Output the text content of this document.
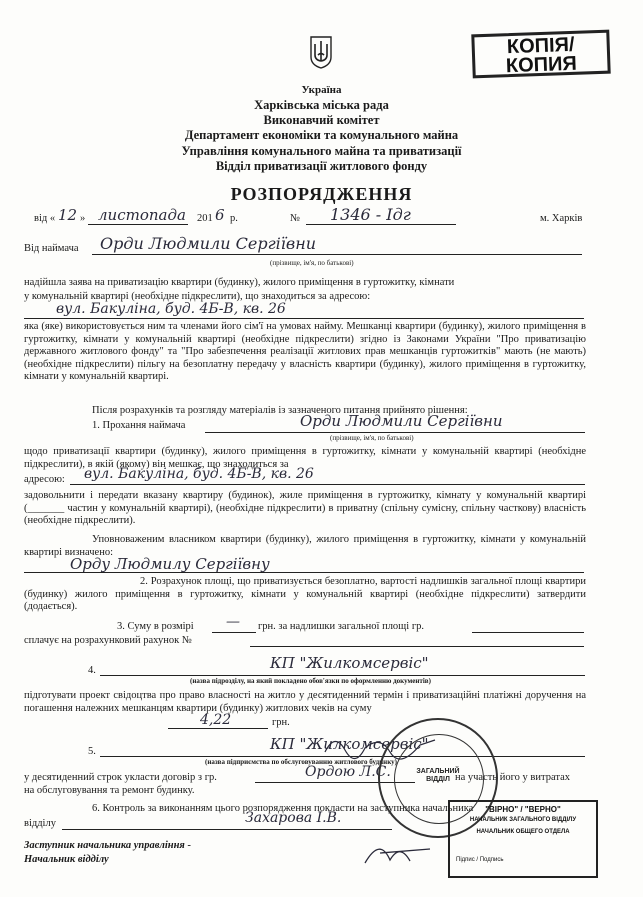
КОПІЯ/
КОПИЯ
Україна
Харківська міська рада
Виконавчий комітет
Департамент економіки та комунального майна
Управління комунального майна та приватизації
Відділ приватизації житлового фонду
РОЗПОРЯДЖЕННЯ
від « 12 » листопада 201 6 р.	№ 1346 - Ідг	м. Харків
Від наймача Орди Людмили Сергіївни
(прізвище, ім'я, по батькові)
надійшла заява на приватизацію квартири (будинку), жилого приміщення в гуртожитку, кімнати
у комунальній квартирі (необхідне підкреслити), що знаходиться за адресою:
вул. Бакуліна, буд. 4Б-В, кв. 26
яка (яке) використовується ним та членами його сім'ї на умовах найму. Мешканці квартири (будинку), жилого приміщення в гуртожитку, кімнати у комунальній квартирі (необхідне підкреслити) згідно із Законами України "Про приватизацію державного житлового фонду" та "Про забезпечення реалізації житлових прав мешканців гуртожитків" мають (не мають) (необхідне підкреслити) пільгу на безоплатну передачу у власність квартири (будинку), жилого приміщення в гуртожитку, кімнати у комунальній квартирі.
Після розрахунків та розгляду матеріалів із зазначеного питання прийнято рішення:
1. Прохання наймача	Орди Людмили Сергіївни
(прізвище, ім'я, по батькові)
щодо приватизації квартири (будинку), жилого приміщення в гуртожитку, кімнати у комунальній квартирі (необхідне підкреслити), в якій (якому) він мешкає, що знаходиться за
адресою: вул. Бакуліна, буд. 4Б-В, кв. 26
задовольнити і передати вказану квартиру (будинок), жиле приміщення в гуртожитку, кімнату у комунальній квартирі (_______ частин у комунальній квартирі), (необхідне підкреслити) в приватну (спільну сумісну, спільну часткову) власність (необхідне підкреслити).
Уповноваженим власником квартири (будинку), жилого приміщення в гуртожитку, кімнати у комунальній квартирі визначено:
Орду Людмилу Сергіївну
2. Розрахунок площі, що приватизується безоплатно, вартості надлишків загальної площі квартири (будинку) жилого приміщення в гуртожитку, кімнати у комунальній квартирі (необхідне підкреслити) затвердити (додається).
3. Суму в розмірі — грн. за надлишки загальної площі гр.
сплачує на розрахунковий рахунок №
4.	КП "Жилкомсервіс"
(назва підрозділу, на який покладено обов'язки по оформленню документів)
підготувати проект свідоцтва про право власності на житло у десятиденний термін і приватизаційні платіжні доручення на погашення належних мешканцям квартири (будинку) житлових чеків на суму
4,22	грн.
5.	КП "Жилкомсервіс"
(назва підприємства по обслуговуванню житлового будинку)
у десятиденний строк укласти договір з гр.	Ордою Л.С.	на участь його у витратах
на обслуговування та ремонт будинку.
6. Контроль за виконанням цього розпорядження покласти на заступника начальника
відділу	Захарова І.В.
Заступник начальника управління -
Начальник відділу
ЗАГАЛЬНИЙ ВІДДІЛ
"ВІРНО" / "ВЕРНО"
НАЧАЛЬНИК ЗАГАЛЬНОГО ВІДДІЛУ
НАЧАЛЬНИК ОБЩЕГО ОТДЕЛА
Підпис / Подпись
